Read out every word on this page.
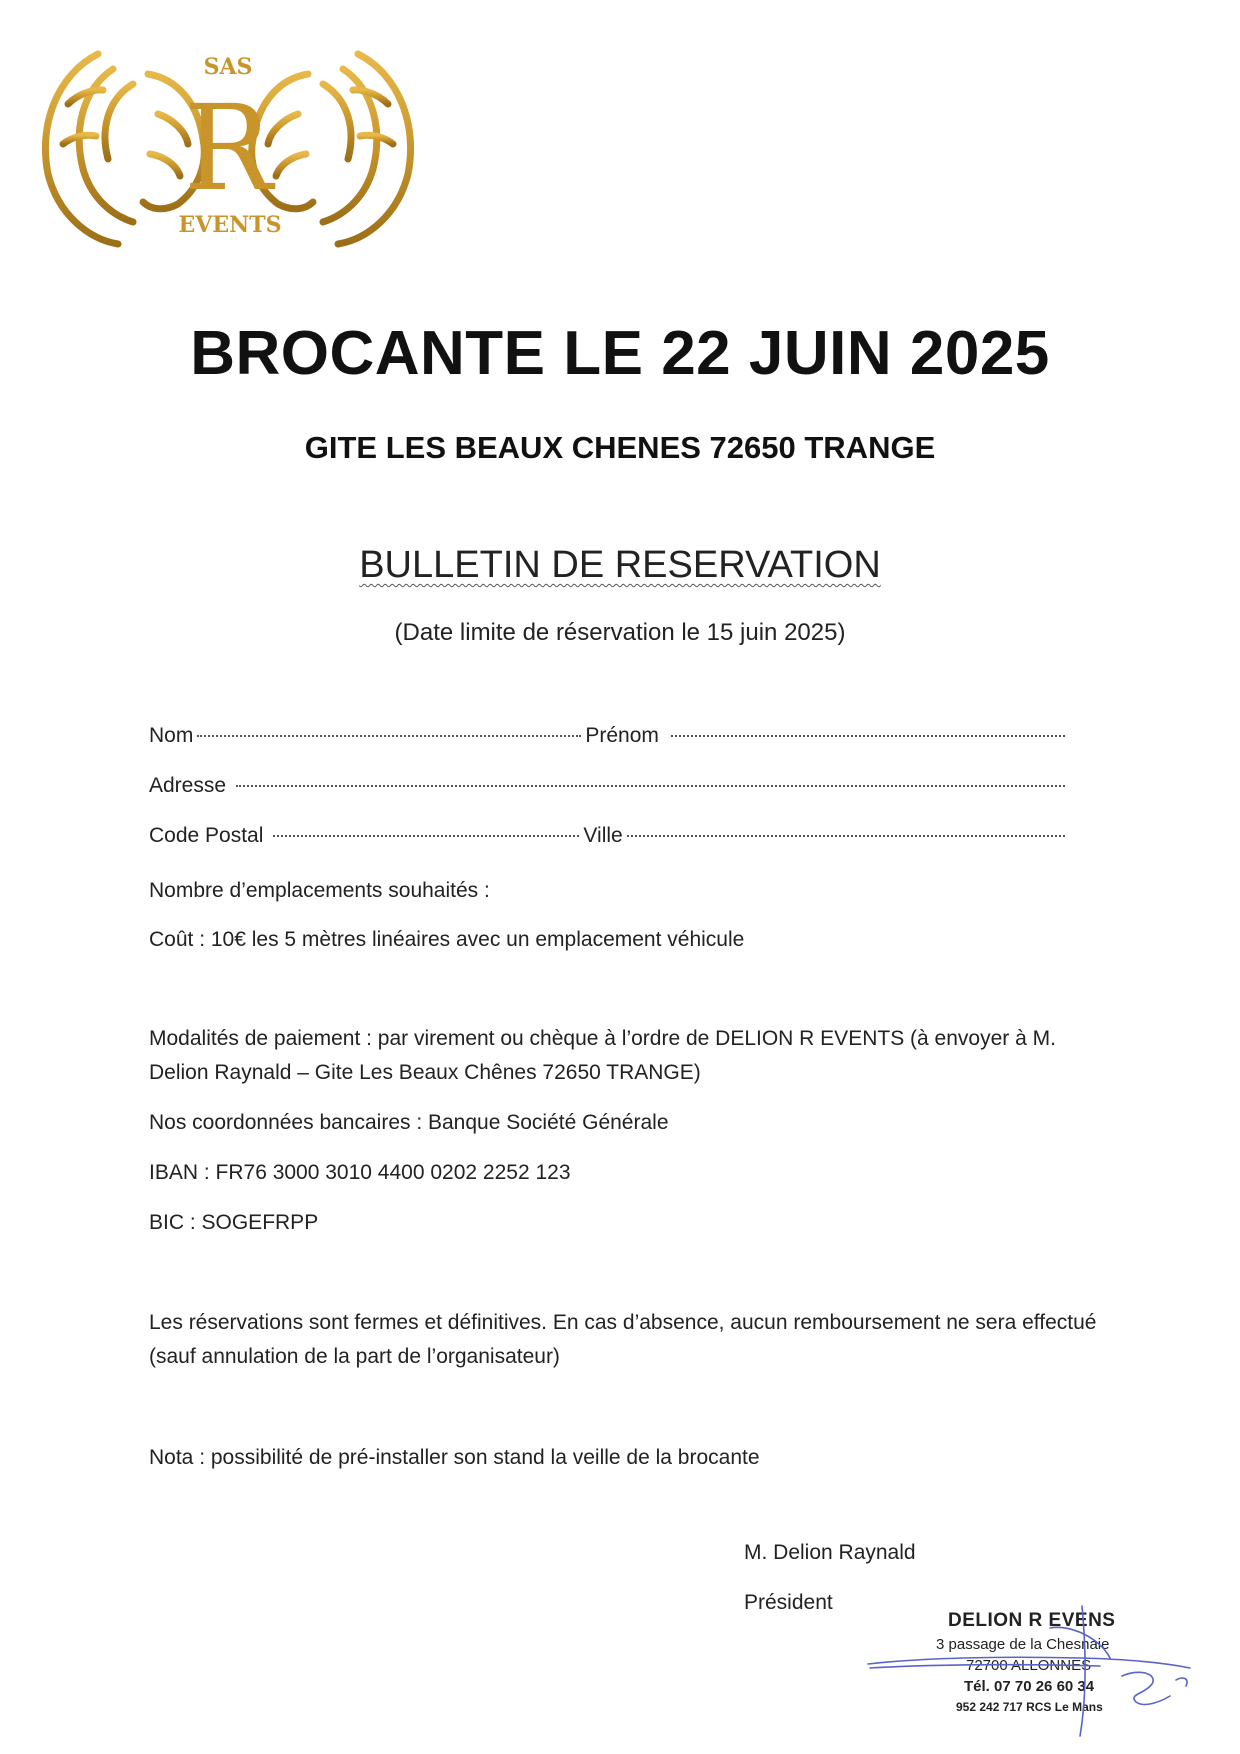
SAS
R
EVENTS
BROCANTE LE 22 JUIN 2025
GITE LES BEAUX CHENES 72650 TRANGE
BULLETIN DE RESERVATION
(Date limite de réservation le 15 juin 2025)
Nom	Prénom
Adresse
Code Postal	Ville
Nombre d’emplacements souhaités :
Coût : 10€ les 5 mètres linéaires avec un emplacement véhicule
Modalités de paiement : par virement ou chèque à l’ordre de DELION R EVENTS (à envoyer à M. Delion Raynald – Gite Les Beaux Chênes 72650 TRANGE)
Nos coordonnées bancaires : Banque Société Générale
IBAN : FR76 3000 3010 4400 0202 2252 123
BIC : SOGEFRPP
Les réservations sont fermes et définitives. En cas d’absence, aucun remboursement ne sera effectué (sauf annulation de la part de l’organisateur)
Nota : possibilité de pré-installer son stand la veille de la brocante
M. Delion Raynald
Président
DELION R EVENS
3 passage de la Chesnaie
72700 ALLONNES
Tél. 07 70 26 60 34
952 242 717 RCS Le Mans
